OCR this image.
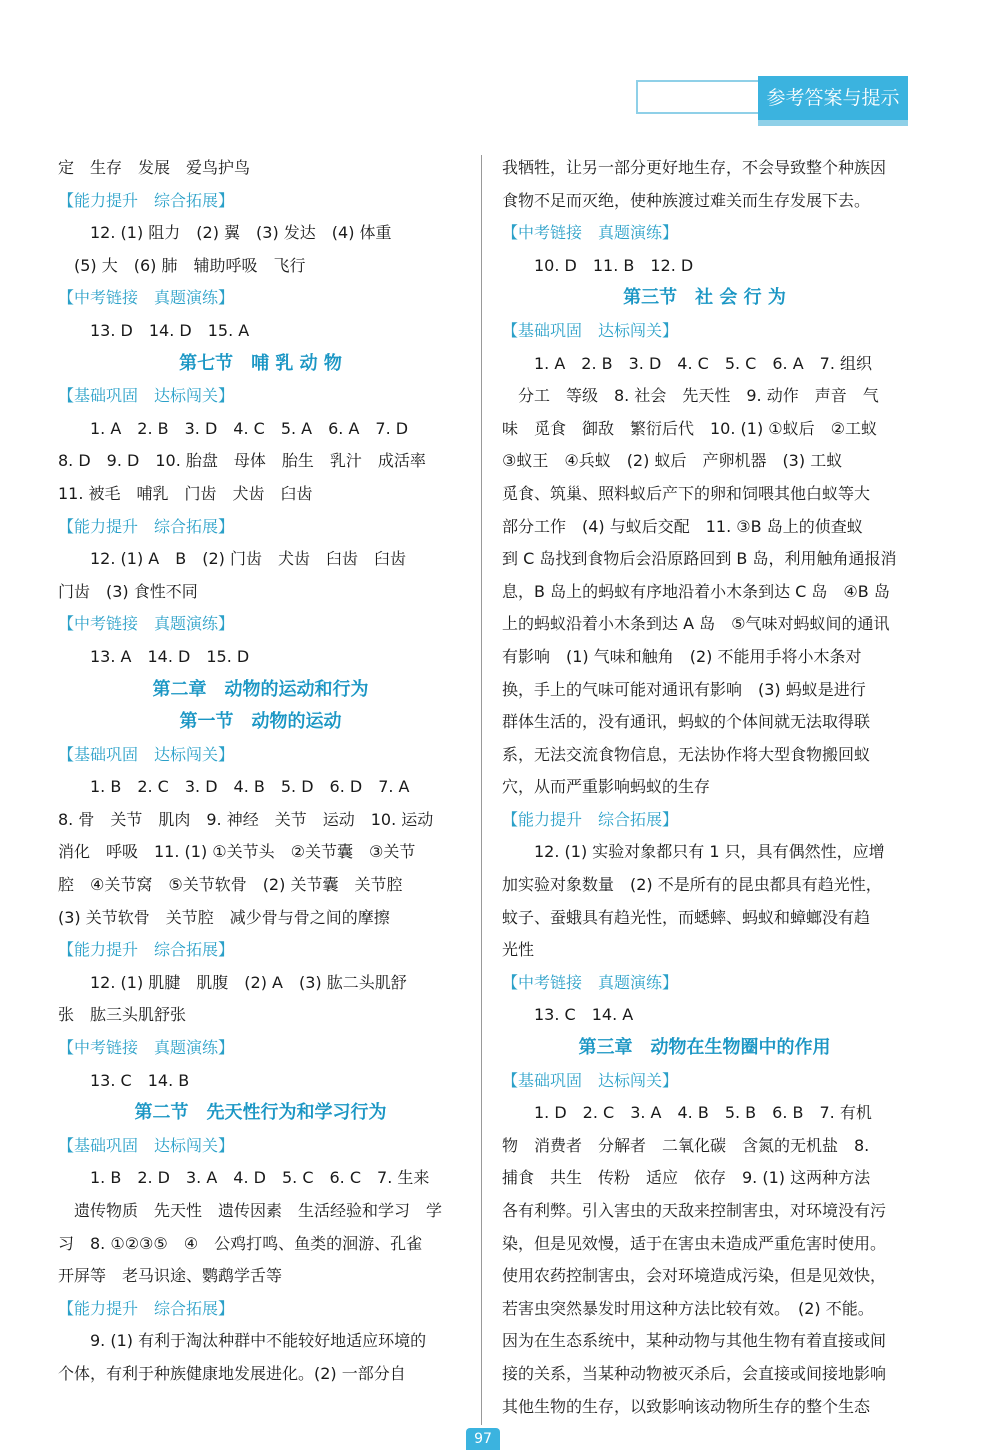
参考答案与提示
定　生存　发展　爱鸟护鸟
【能力提升　综合拓展】
12. (1) 阻力　(2) 翼　(3) 发达　(4) 体重
(5) 大　(6) 肺　辅助呼吸　飞行
【中考链接　真题演练】
13. D　14. D　15. A
第七节　哺 乳 动 物
【基础巩固　达标闯关】
1. A　2. B　3. D　4. C　5. A　6. A　7. D
8. D　9. D　10. 胎盘　母体　胎生　乳汁　成活率
11. 被毛　哺乳　门齿　犬齿　臼齿
【能力提升　综合拓展】
12. (1) A　B　(2) 门齿　犬齿　臼齿　臼齿
门齿　(3) 食性不同
【中考链接　真题演练】
13. A　14. D　15. D
第二章　动物的运动和行为
第一节　动物的运动
【基础巩固　达标闯关】
1. B　2. C　3. D　4. B　5. D　6. D　7. A
8. 骨　关节　肌肉　9. 神经　关节　运动　10. 运动
消化　呼吸　11. (1) ①关节头　②关节囊　③关节
腔　④关节窝　⑤关节软骨　(2) 关节囊　关节腔
(3) 关节软骨　关节腔　减少骨与骨之间的摩擦
【能力提升　综合拓展】
12. (1) 肌腱　肌腹　(2) A　(3) 肱二头肌舒
张　肱三头肌舒张
【中考链接　真题演练】
13. C　14. B
第二节　先天性行为和学习行为
【基础巩固　达标闯关】
1. B　2. D　3. A　4. D　5. C　6. C　7. 生来
遗传物质　先天性　遗传因素　生活经验和学习　学
习　8. ①②③⑤　④　公鸡打鸣、鱼类的洄游、孔雀
开屏等　老马识途、鹦鹉学舌等
【能力提升　综合拓展】
9. (1) 有利于淘汰种群中不能较好地适应环境的
个体，有利于种族健康地发展进化。(2) 一部分自
我牺牲，让另一部分更好地生存，不会导致整个种族因
食物不足而灭绝，使种族渡过难关而生存发展下去。
【中考链接　真题演练】
10. D　11. B　12. D
第三节　社 会 行 为
【基础巩固　达标闯关】
1. A　2. B　3. D　4. C　5. C　6. A　7. 组织
分工　等级　8. 社会　先天性　9. 动作　声音　气
味　觅食　御敌　繁衍后代　10. (1) ①蚁后　②工蚁
③蚁王　④兵蚁　(2) 蚁后　产卵机器　(3) 工蚁
觅食、筑巢、照料蚁后产下的卵和饲喂其他白蚁等大
部分工作　(4) 与蚁后交配　11. ③B 岛上的侦查蚁
到 C 岛找到食物后会沿原路回到 B 岛，利用触角通报消
息，B 岛上的蚂蚁有序地沿着小木条到达 C 岛　④B 岛
上的蚂蚁沿着小木条到达 A 岛　⑤气味对蚂蚁间的通讯
有影响　(1) 气味和触角　(2) 不能用手将小木条对
换，手上的气味可能对通讯有影响　(3) 蚂蚁是进行
群体生活的，没有通讯，蚂蚁的个体间就无法取得联
系，无法交流食物信息，无法协作将大型食物搬回蚁
穴，从而严重影响蚂蚁的生存
【能力提升　综合拓展】
12. (1) 实验对象都只有 1 只，具有偶然性，应增
加实验对象数量　(2) 不是所有的昆虫都具有趋光性，
蚊子、蚕蛾具有趋光性，而蟋蟀、蚂蚁和蟑螂没有趋
光性
【中考链接　真题演练】
13. C　14. A
第三章　动物在生物圈中的作用
【基础巩固　达标闯关】
1. D　2. C　3. A　4. B　5. B　6. B　7. 有机
物　消费者　分解者　二氧化碳　含氮的无机盐　8.
捕食　共生　传粉　适应　依存　9. (1) 这两种方法
各有利弊。引入害虫的天敌来控制害虫，对环境没有污
染，但是见效慢，适于在害虫未造成严重危害时使用。
使用农药控制害虫，会对环境造成污染，但是见效快，
若害虫突然暴发时用这种方法比较有效。　(2) 不能。
因为在生态系统中，某种动物与其他生物有着直接或间
接的关系，当某种动物被灭杀后，会直接或间接地影响
其他生物的生存，以致影响该动物所生存的整个生态
97
